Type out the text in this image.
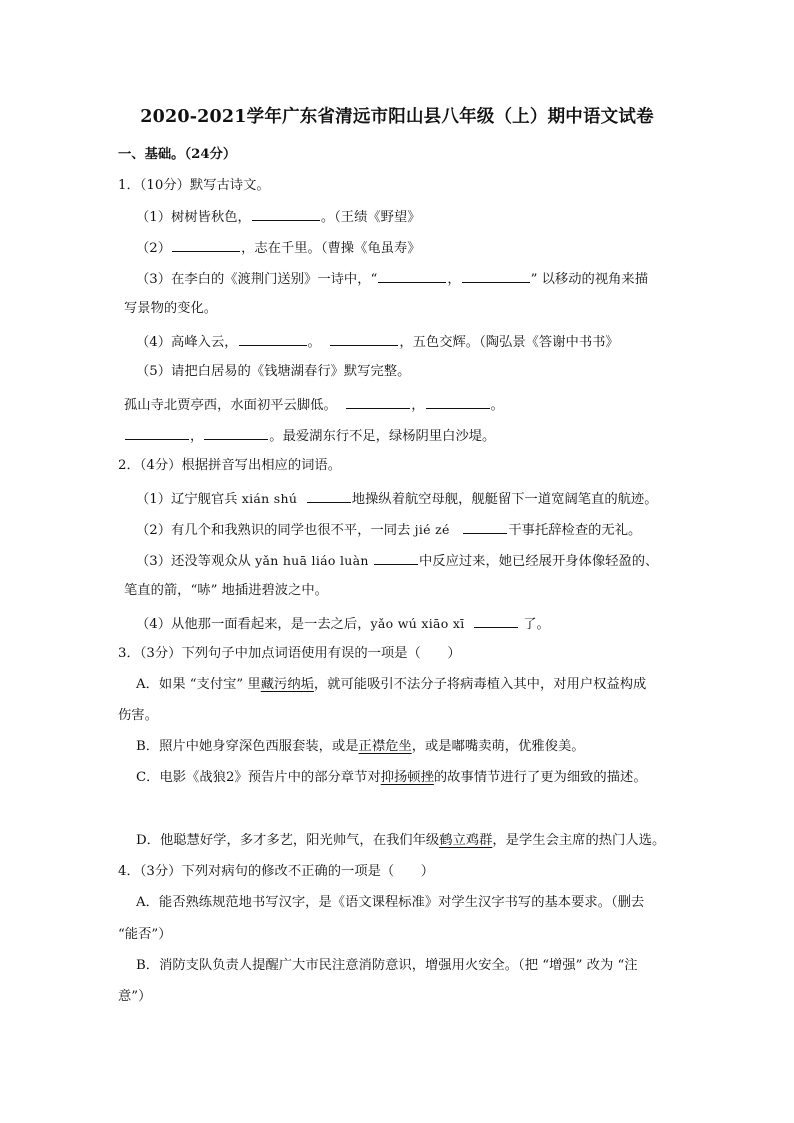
2020-2021学年广东省清远市阳山县八年级（上）期中语文试卷
一、基础。（24分）
1．（10分）默写古诗文。
（1）树树皆秋色，	。（王绩《野望》
（2）	，志在千里。（曹操《龟虽寿》
（3）在李白的《渡荆门送别》一诗中，“	，	” 以移动的视角来描
写景物的变化。
（4）高峰入云，	。	，五色交辉。（陶弘景《答谢中书书》
（5）请把白居易的《钱塘湖春行》默写完整。
孤山寺北贾亭西，水面初平云脚低。	，	。
，	。最爱湖东行不足，绿杨阴里白沙堤。
2．（4分）根据拼音写出相应的词语。
（1）辽宁舰官兵 xián shú	地操纵着航空母舰，舰艇留下一道宽阔笔直的航迹。
（2）有几个和我熟识的同学也很不平，一同去 jié zé	干事托辞检查的无礼。
（3）还没等观众从 yǎn huā liáo luàn	中反应过来，她已经展开身体像轻盈的、
笔直的箭，“哧” 地插进碧波之中。
（4）从他那一面看起来，是一去之后，yǎo wú xiāo xī	了。
3．（3分）下列句子中加点词语使用有误的一项是（　　）
A．如果 “支付宝” 里藏污纳垢，就可能吸引不法分子将病毒植入其中，对用户权益构成
伤害。
B．照片中她身穿深色西服套装，或是正襟危坐，或是嘟嘴卖萌，优雅俊美。
C．电影《战狼2》预告片中的部分章节对抑扬顿挫的故事情节进行了更为细致的描述。
D．他聪慧好学，多才多艺，阳光帅气，在我们年级鹤立鸡群，是学生会主席的热门人选。
4．（3分）下列对病句的修改不正确的一项是（　　）
A．能否熟练规范地书写汉字，是《语文课程标准》对学生汉字书写的基本要求。（删去
“能否”）
B．消防支队负责人提醒广大市民注意消防意识，增强用火安全。（把 “增强” 改为 “注
意”）
